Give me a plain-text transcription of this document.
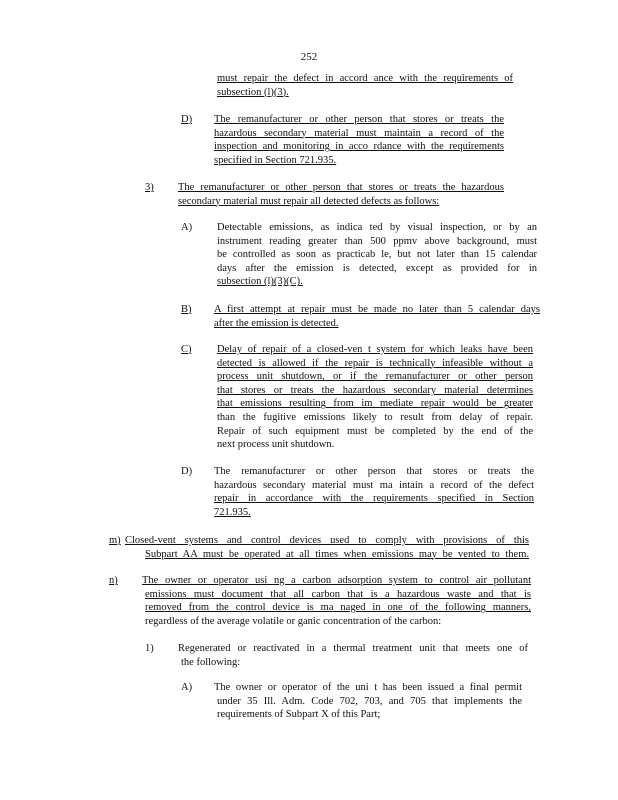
252
must repair the defect in accord ance with the requirements of
subsection (l)(3).
D) The remanufacturer or other person that stores or treats the
hazardous secondary material must maintain a record of the
inspection and monitoring in acco rdance with the requirements
specified in Section 721.935.
3) The remanufacturer or other person that stores or treats the hazardous
secondary material must repair all detected defects as follows:
A) Detectable emissions, as indica ted by visual inspection, or by an
instrument reading greater than 500 ppmv above background, must
be controlled as soon as practicab le, but not later than 15 calendar
days after the emission is detected, except as provided for in
subsection (l)(3)(C).
B) A first attempt at repair must be made no later than 5 calendar days
after the emission is detected.
C) Delay of repair of a closed-ven t system for which leaks have been
detected is allowed if the repair is technically infeasible without a
process unit shutdown, or if the remanufacturer or other person
that stores or treats the hazardous secondary material determines
that emissions resulting from im mediate repair would be greater
than the fugitive emissions likely to result from delay of repair.
Repair of such equipment must be completed by the end of the
next process unit shutdown.
D) The remanufacturer or other person that stores or treats the
hazardous secondary material must ma intain a record of the defect
repair in accordance with the requirements specified in Section
721.935.
m) Closed-vent systems and control devices used to comply with provisions of this
Subpart AA must be operated at all times when emissions may be vented to them.
n) The owner or operator usi ng a carbon adsorption system to control air pollutant
emissions must document that all carbon that is a hazardous waste and that is
removed from the control device is ma naged in one of the following manners,
regardless of the average volatile or ganic concentration of the carbon:
1) Regenerated or reactivated in a thermal treatment unit that meets one of
the following:
A) The owner or operator of the uni t has been issued a final permit
under 35 Ill. Adm. Code 702, 703, and 705 that implements the
requirements of Subpart X of this Part;
